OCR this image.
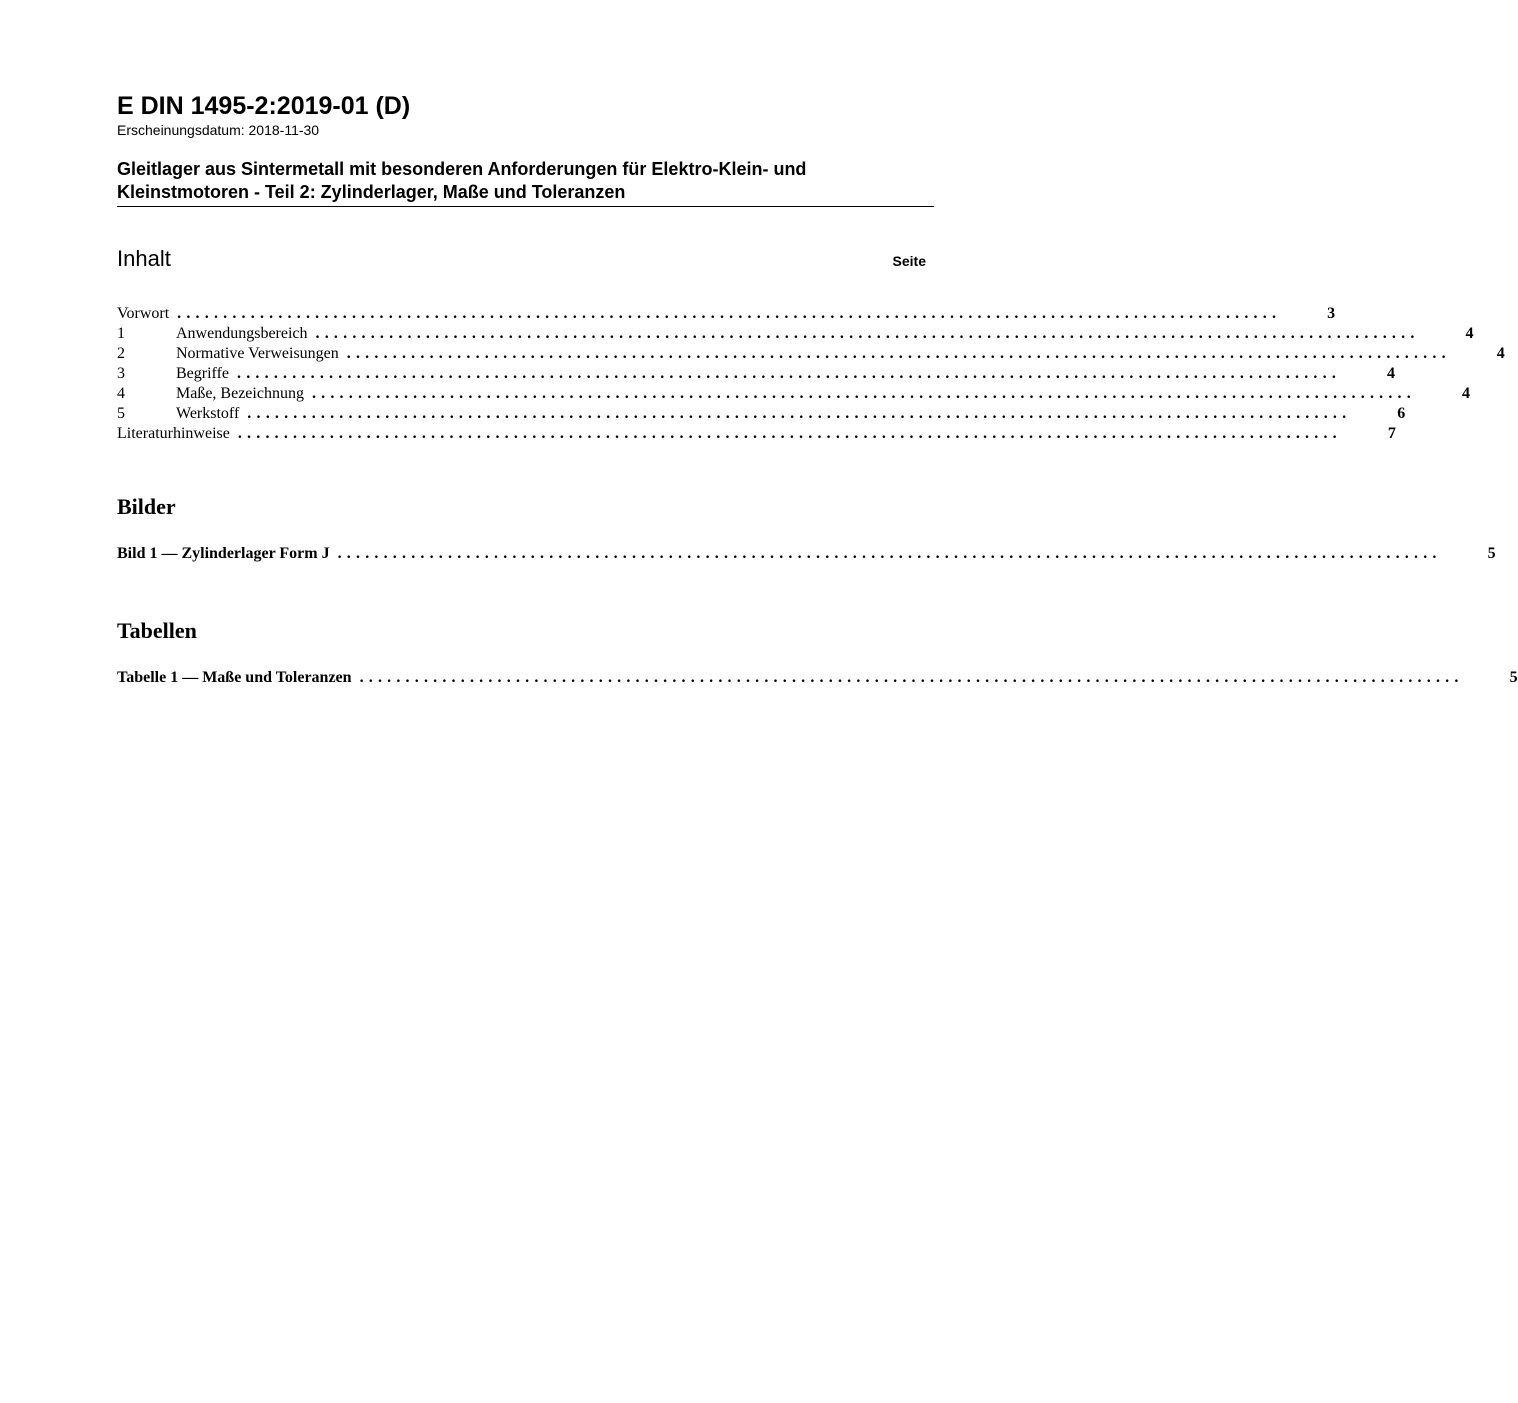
E DIN 1495-2:2019-01 (D)
Erscheinungsdatum: 2018-11-30
Gleitlager aus Sintermetall mit besonderen Anforderungen für Elektro-Klein- und
Kleinstmotoren - Teil 2: Zylinderlager, Maße und Toleranzen
Inhalt	Seite
Vorwort ........................................................................................................................	3
1	Anwendungsbereich ........................................................................................................................	4
2	Normative Verweisungen ........................................................................................................................	4
3	Begriffe ........................................................................................................................	4
4	Maße, Bezeichnung ........................................................................................................................	4
5	Werkstoff ........................................................................................................................	6
Literaturhinweise ........................................................................................................................	7
Bilder
Bild 1 — Zylinderlager Form J ........................................................................................................................	5
Tabellen
Tabelle 1 — Maße und Toleranzen ........................................................................................................................	5
